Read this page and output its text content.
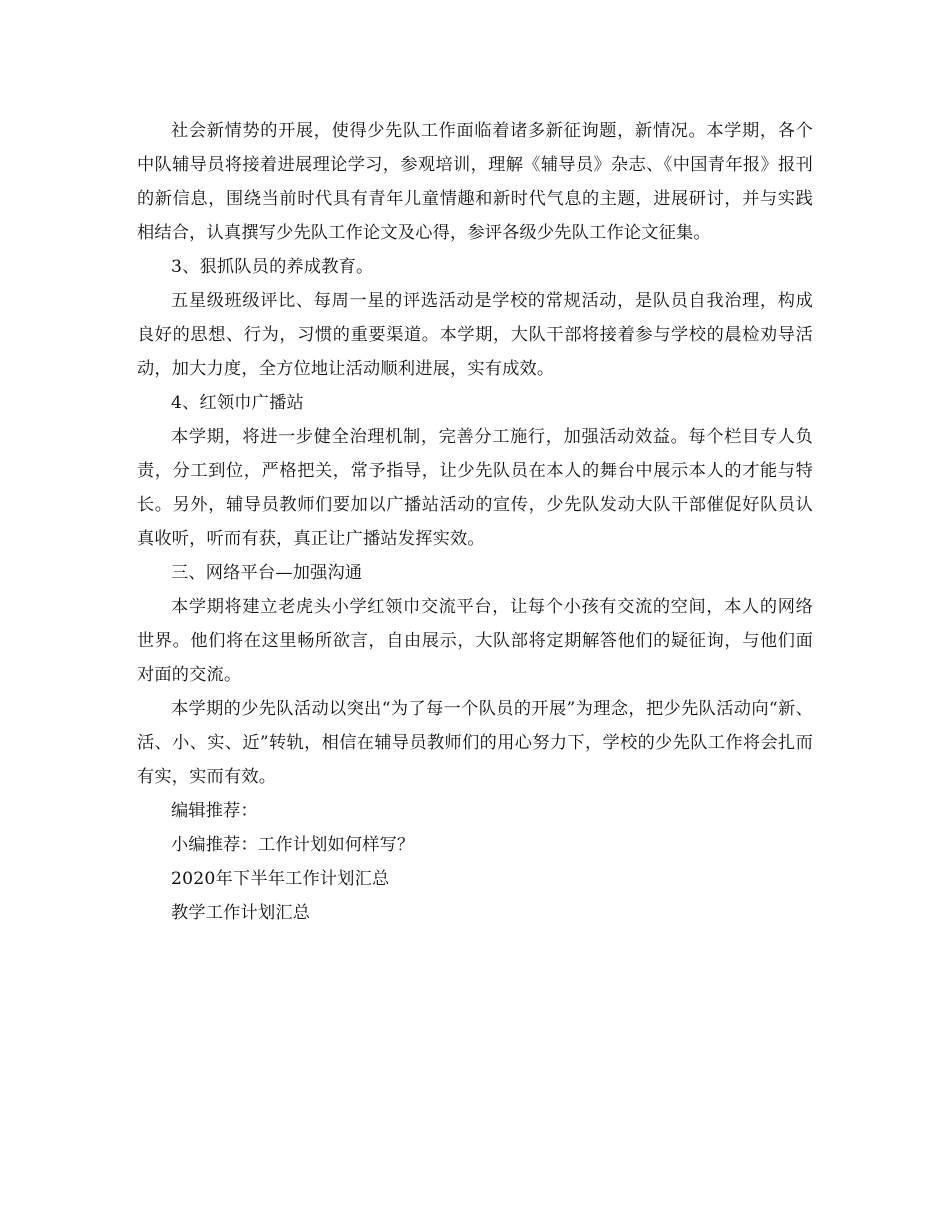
社会新情势的开展，使得少先队工作面临着诸多新征询题，新情况。本学期，各个中队辅导员将接着进展理论学习，参观培训，理解《辅导员》杂志、《中国青年报》报刊的新信息，围绕当前时代具有青年儿童情趣和新时代气息的主题，进展研讨，并与实践相结合，认真撰写少先队工作论文及心得，参评各级少先队工作论文征集。

3、狠抓队员的养成教育。

五星级班级评比、每周一星的评选活动是学校的常规活动，是队员自我治理，构成良好的思想、行为，习惯的重要渠道。本学期，大队干部将接着参与学校的晨检劝导活动，加大力度，全方位地让活动顺利进展，实有成效。

4、红领巾广播站

本学期，将进一步健全治理机制，完善分工施行，加强活动效益。每个栏目专人负责，分工到位，严格把关，常予指导，让少先队员在本人的舞台中展示本人的才能与特长。另外，辅导员教师们要加以广播站活动的宣传，少先队发动大队干部催促好队员认真收听，听而有获，真正让广播站发挥实效。

三、网络平台—加强沟通

本学期将建立老虎头小学红领巾交流平台，让每个小孩有交流的空间，本人的网络世界。他们将在这里畅所欲言，自由展示，大队部将定期解答他们的疑征询，与他们面对面的交流。

本学期的少先队活动以突出“为了每一个队员的开展”为理念，把少先队活动向“新、活、小、实、近”转轨，相信在辅导员教师们的用心努力下，学校的少先队工作将会扎而有实，实而有效。

编辑推荐：

小编推荐：工作计划如何样写？

2020年下半年工作计划汇总

教学工作计划汇总
